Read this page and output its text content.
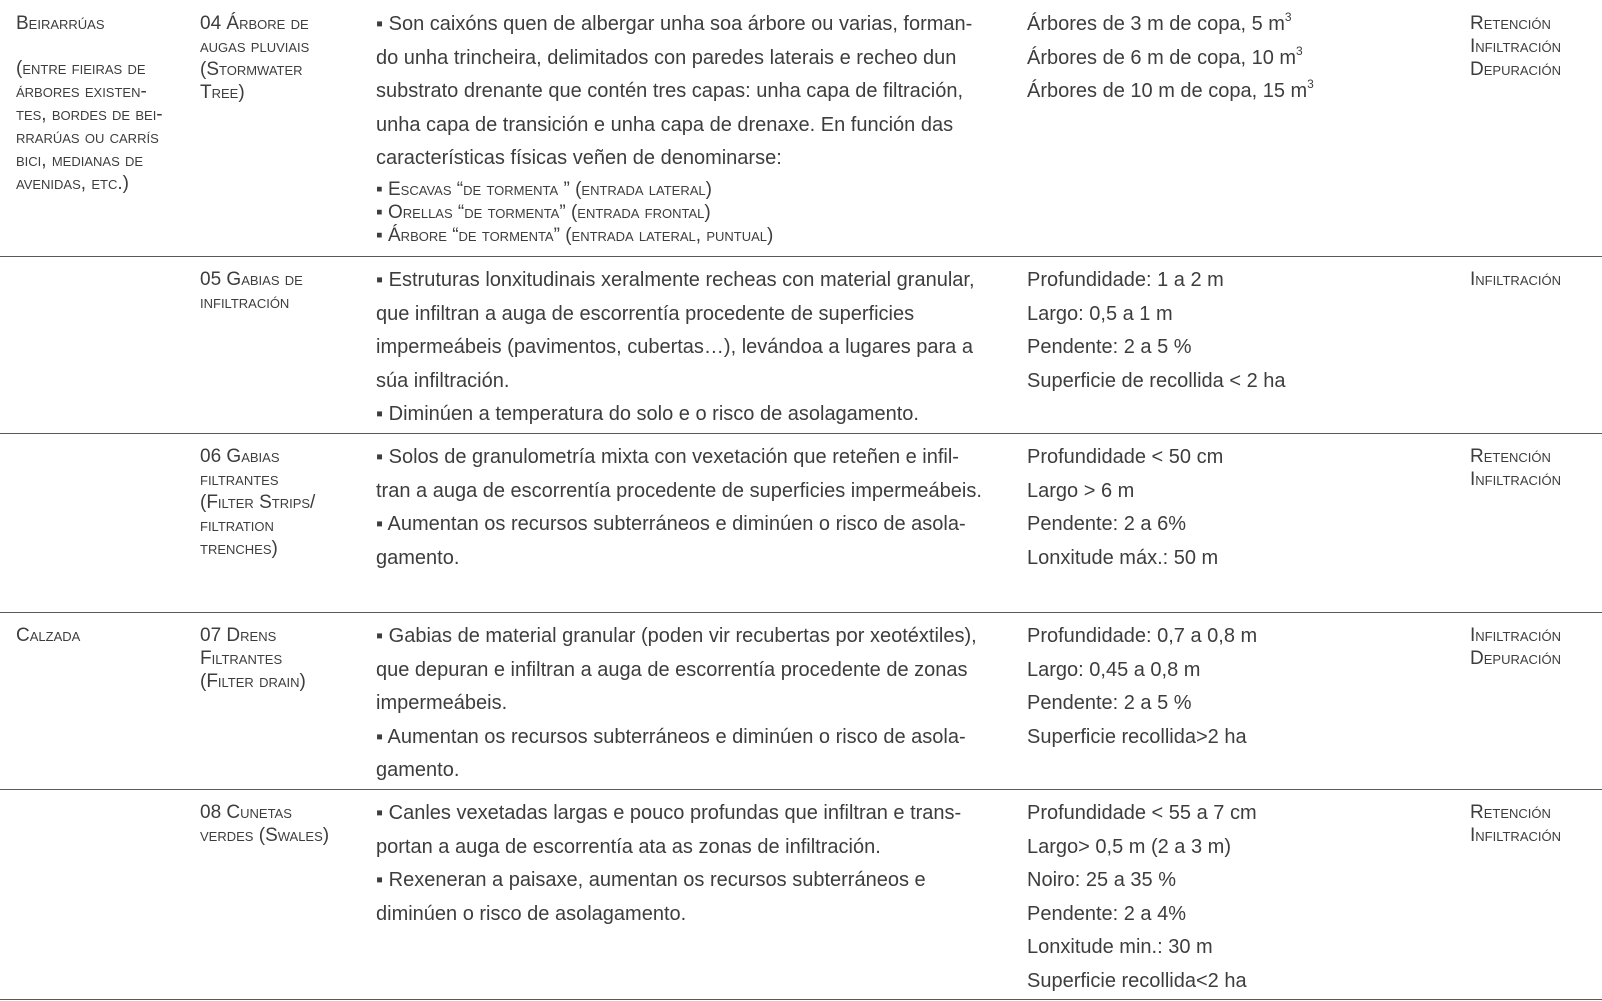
Beirarrúas
(entre fieiras de
árbores existen-
tes, bordes de bei-
rrarúas ou carrís
bici, medianas de
avenidas, etc.)
04 Árbore de
augas pluviais
(Stormwater
Tree)
▪ Son caixóns quen de albergar unha soa árbore ou varias, forman-
do unha trincheira, delimitados con paredes laterais e recheo dun
substrato drenante que contén tres capas: unha capa de filtración,
unha capa de transición e unha capa de drenaxe. En función das
características físicas veñen de denominarse:
▪ Escavas “de tormenta ” (entrada lateral)
▪ Orellas “de tormenta” (entrada frontal)
▪ Árbore “de tormenta” (entrada lateral, puntual)
Árbores de 3 m de copa, 5 $m^3$
Árbores de 6 m de copa, 10 $m^3$
Árbores de 10 m de copa, 15 $m^3$
Retención
Infiltración
Depuración
05 Gabias de
infiltración
▪ Estruturas lonxitudinais xeralmente recheas con material granular,
que infiltran a auga de escorrentía procedente de superficies
impermeábeis (pavimentos, cubertas…), levándoa a lugares para a
súa infiltración.
▪ Diminúen a temperatura do solo e o risco de asolagamento.
Profundidade: 1 a 2 m
Largo: 0,5 a 1 m
Pendente: 2 a 5 %
Superficie de recollida < 2 ha
Infiltración
06 Gabias
filtrantes
(Filter Strips/
filtration
trenches)
▪ Solos de granulometría mixta con vexetación que reteñen e infil-
tran a auga de escorrentía procedente de superficies impermeábeis.
▪ Aumentan os recursos subterráneos e diminúen o risco de asola-
gamento.
Profundidade < 50 cm
Largo > 6 m
Pendente: 2 a 6%
Lonxitude máx.: 50 m
Retención
Infiltración
Calzada	07 Drens
Filtrantes
(Filter drain)
▪ Gabias de material granular (poden vir recubertas por xeotéxtiles),
que depuran e infiltran a auga de escorrentía procedente de zonas
impermeábeis.
▪ Aumentan os recursos subterráneos e diminúen o risco de asola-
gamento.
Profundidade: 0,7 a 0,8 m
Largo: 0,45 a 0,8 m
Pendente: 2 a 5 %
Superficie recollida>2 ha
Infiltración
Depuración
08 Cunetas
verdes (Swales)
▪ Canles vexetadas largas e pouco profundas que infiltran e trans-
portan a auga de escorrentía ata as zonas de infiltración.
▪ Rexeneran a paisaxe, aumentan os recursos subterráneos e
diminúen o risco de asolagamento.
Profundidade < 55 a 7 cm
Largo> 0,5 m (2 a 3 m)
Noiro: 25 a 35 %
Pendente: 2 a 4%
Lonxitude min.: 30 m
Superficie recollida<2 ha
Retención
Infiltración
